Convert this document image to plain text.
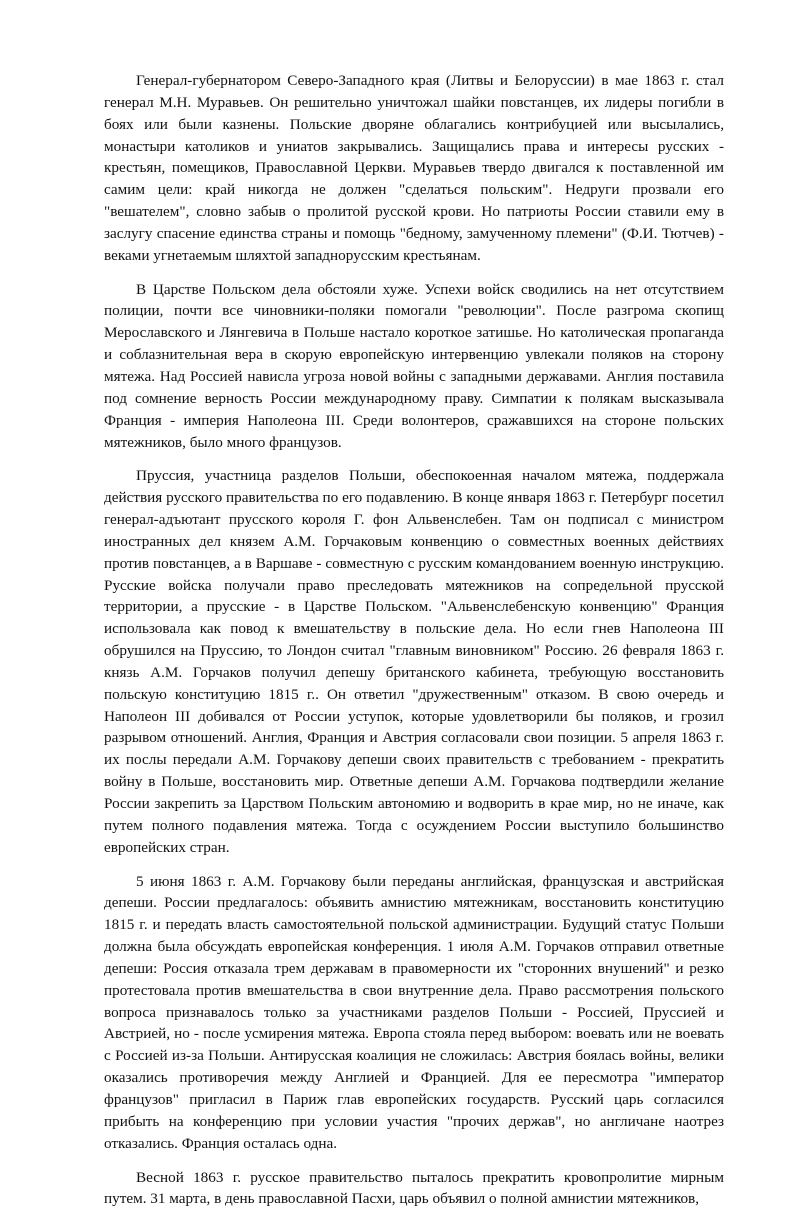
Генерал-губернатором Северо-Западного края (Литвы и Белоруссии) в мае 1863 г. стал генерал М.Н. Муравьев. Он решительно уничтожал шайки повстанцев, их лидеры погибли в боях или были казнены. Польские дворяне облагались контрибуцией или высылались, монастыри католиков и униатов закрывались. Защищались права и интересы русских - крестьян, помещиков, Православной Церкви. Муравьев твердо двигался к поставленной им самим цели: край никогда не должен "сделаться польским". Недруги прозвали его "вешателем", словно забыв о пролитой русской крови. Но патриоты России ставили ему в заслугу спасение единства страны и помощь "бедному, замученному племени" (Ф.И. Тютчев) - веками угнетаемым шляхтой западнорусским крестьянам.

В Царстве Польском дела обстояли хуже. Успехи войск сводились на нет отсутствием полиции, почти все чиновники-поляки помогали "революции". После разгрома скопищ Мерославского и Лянгевича в Польше настало короткое затишье. Но католическая пропаганда и соблазнительная вера в скорую европейскую интервенцию увлекали поляков на сторону мятежа. Над Россией нависла угроза новой войны с западными державами. Англия поставила под сомнение верность России международному праву. Симпатии к полякам высказывала Франция - империя Наполеона III. Среди волонтеров, сражавшихся на стороне польских мятежников, было много французов.

Пруссия, участница разделов Польши, обеспокоенная началом мятежа, поддержала действия русского правительства по его подавлению. В конце января 1863 г. Петербург посетил генерал-адъютант прусского короля Г. фон Альвенслебен. Там он подписал с министром иностранных дел князем А.М. Горчаковым конвенцию о совместных военных действиях против повстанцев, а в Варшаве - совместную с русским командованием военную инструкцию. Русские войска получали право преследовать мятежников на сопредельной прусской территории, а прусские - в Царстве Польском. "Альвенслебенскую конвенцию" Франция использовала как повод к вмешательству в польские дела. Но если гнев Наполеона III обрушился на Пруссию, то Лондон считал "главным виновником" Россию. 26 февраля 1863 г. князь А.М. Горчаков получил депешу британского кабинета, требующую восстановить польскую конституцию 1815 г.. Он ответил "дружественным" отказом. В свою очередь и Наполеон III добивался от России уступок, которые удовлетворили бы поляков, и грозил разрывом отношений. Англия, Франция и Австрия согласовали свои позиции. 5 апреля 1863 г. их послы передали А.М. Горчакову депеши своих правительств с требованием - прекратить войну в Польше, восстановить мир. Ответные депеши А.М. Горчакова подтвердили желание России закрепить за Царством Польским автономию и водворить в крае мир, но не иначе, как путем полного подавления мятежа. Тогда с осуждением России выступило большинство европейских стран.

5 июня 1863 г. А.М. Горчакову были переданы английская, французская и австрийская депеши. России предлагалось: объявить амнистию мятежникам, восстановить конституцию 1815 г. и передать власть самостоятельной польской администрации. Будущий статус Польши должна была обсуждать европейская конференция. 1 июля А.М. Горчаков отправил ответные депеши: Россия отказала трем державам в правомерности их "сторонних внушений" и резко протестовала против вмешательства в свои внутренние дела. Право рассмотрения польского вопроса признавалось только за участниками разделов Польши - Россией, Пруссией и Австрией, но - после усмирения мятежа. Европа стояла перед выбором: воевать или не воевать с Россией из-за Польши. Антирусская коалиция не сложилась: Австрия боялась войны, велики оказались противоречия между Англией и Францией. Для ее пересмотра "император французов" пригласил в Париж глав европейских государств. Русский царь согласился прибыть на конференцию при условии участия "прочих держав", но англичане наотрез отказались. Франция осталась одна.

Весной 1863 г. русское правительство пыталось прекратить кровопролитие мирным путем. 31 марта, в день православной Пасхи, царь объявил о полной амнистии мятежников,
